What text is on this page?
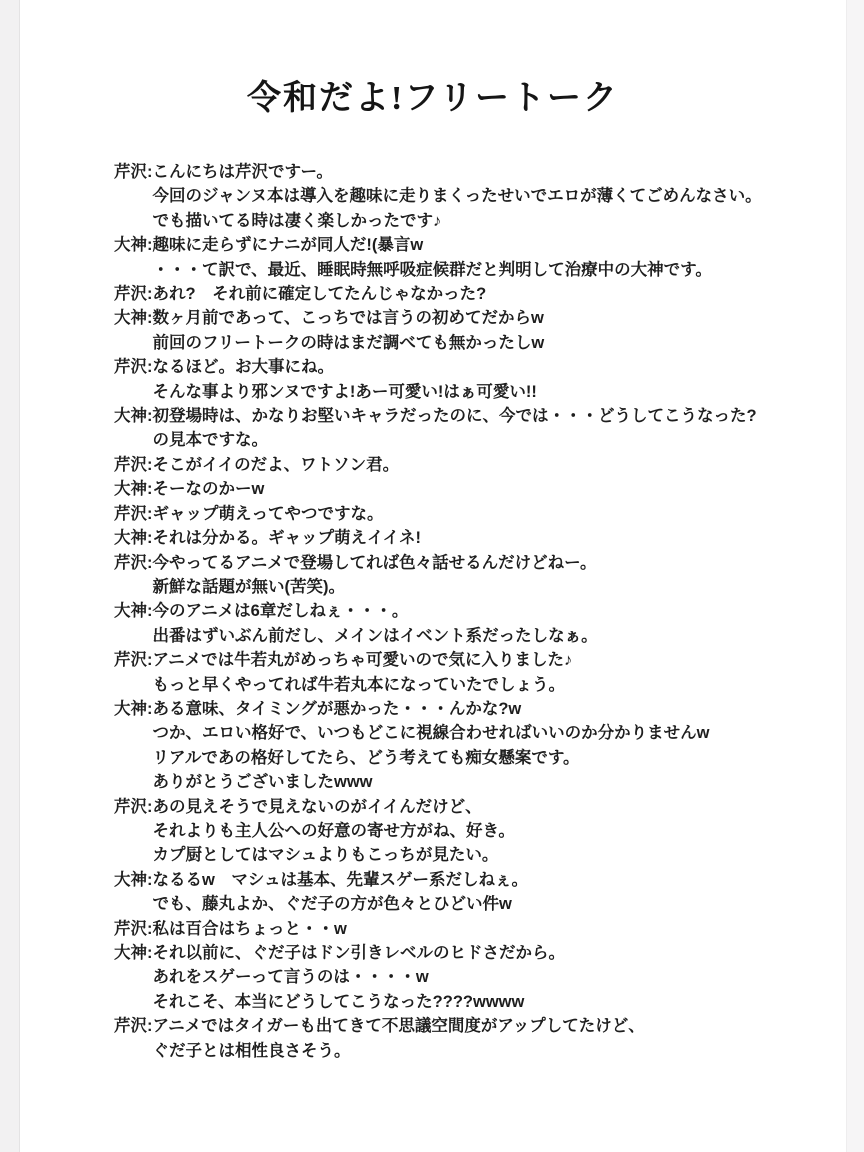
令和だよ!フリートーク
芹沢: こんにちは芹沢ですー。
今回のジャンヌ本は導入を趣味に走りまくったせいでエロが薄くてごめんなさい。
でも描いてる時は凄く楽しかったです♪
大神: 趣味に走らずにナニが同人だ!(暴言w
・・・て訳で、最近、睡眠時無呼吸症候群だと判明して治療中の大神です。
芹沢: あれ?　それ前に確定してたんじゃなかった?
大神: 数ヶ月前であって、こっちでは言うの初めてだからw
前回のフリートークの時はまだ調べても無かったしw
芹沢: なるほど。お大事にね。
そんな事より邪ンヌですよ!あー可愛い!はぁ可愛い!!
大神: 初登場時は、かなりお堅いキャラだったのに、今では・・・どうしてこうなった?
の見本ですな。
芹沢: そこがイイのだよ、ワトソン君。
大神: そーなのかーw
芹沢: ギャップ萌えってやつですな。
大神: それは分かる。ギャップ萌えイイネ!
芹沢: 今やってるアニメで登場してれば色々話せるんだけどねー。
新鮮な話題が無い(苦笑)。
大神: 今のアニメは6章だしねぇ・・・。
出番はずいぶん前だし、メインはイベント系だったしなぁ。
芹沢: アニメでは牛若丸がめっちゃ可愛いので気に入りました♪
もっと早くやってれば牛若丸本になっていたでしょう。
大神: ある意味、タイミングが悪かった・・・んかな?w
つか、エロい格好で、いつもどこに視線合わせればいいのか分かりませんw
リアルであの格好してたら、どう考えても痴女懸案です。
ありがとうございましたwww
芹沢: あの見えそうで見えないのがイイんだけど、
それよりも主人公への好意の寄せ方がね、好き。
カプ厨としてはマシュよりもこっちが見たい。
大神: なるるw　マシュは基本、先輩スゲー系だしねぇ。
でも、藤丸よか、ぐだ子の方が色々とひどい件w
芹沢: 私は百合はちょっと・・w
大神: それ以前に、ぐだ子はドン引きレベルのヒドさだから。
あれをスゲーって言うのは・・・・w
それこそ、本当にどうしてこうなった????wwww
芹沢: アニメではタイガーも出てきて不思議空間度がアップしてたけど、
ぐだ子とは相性良さそう。
